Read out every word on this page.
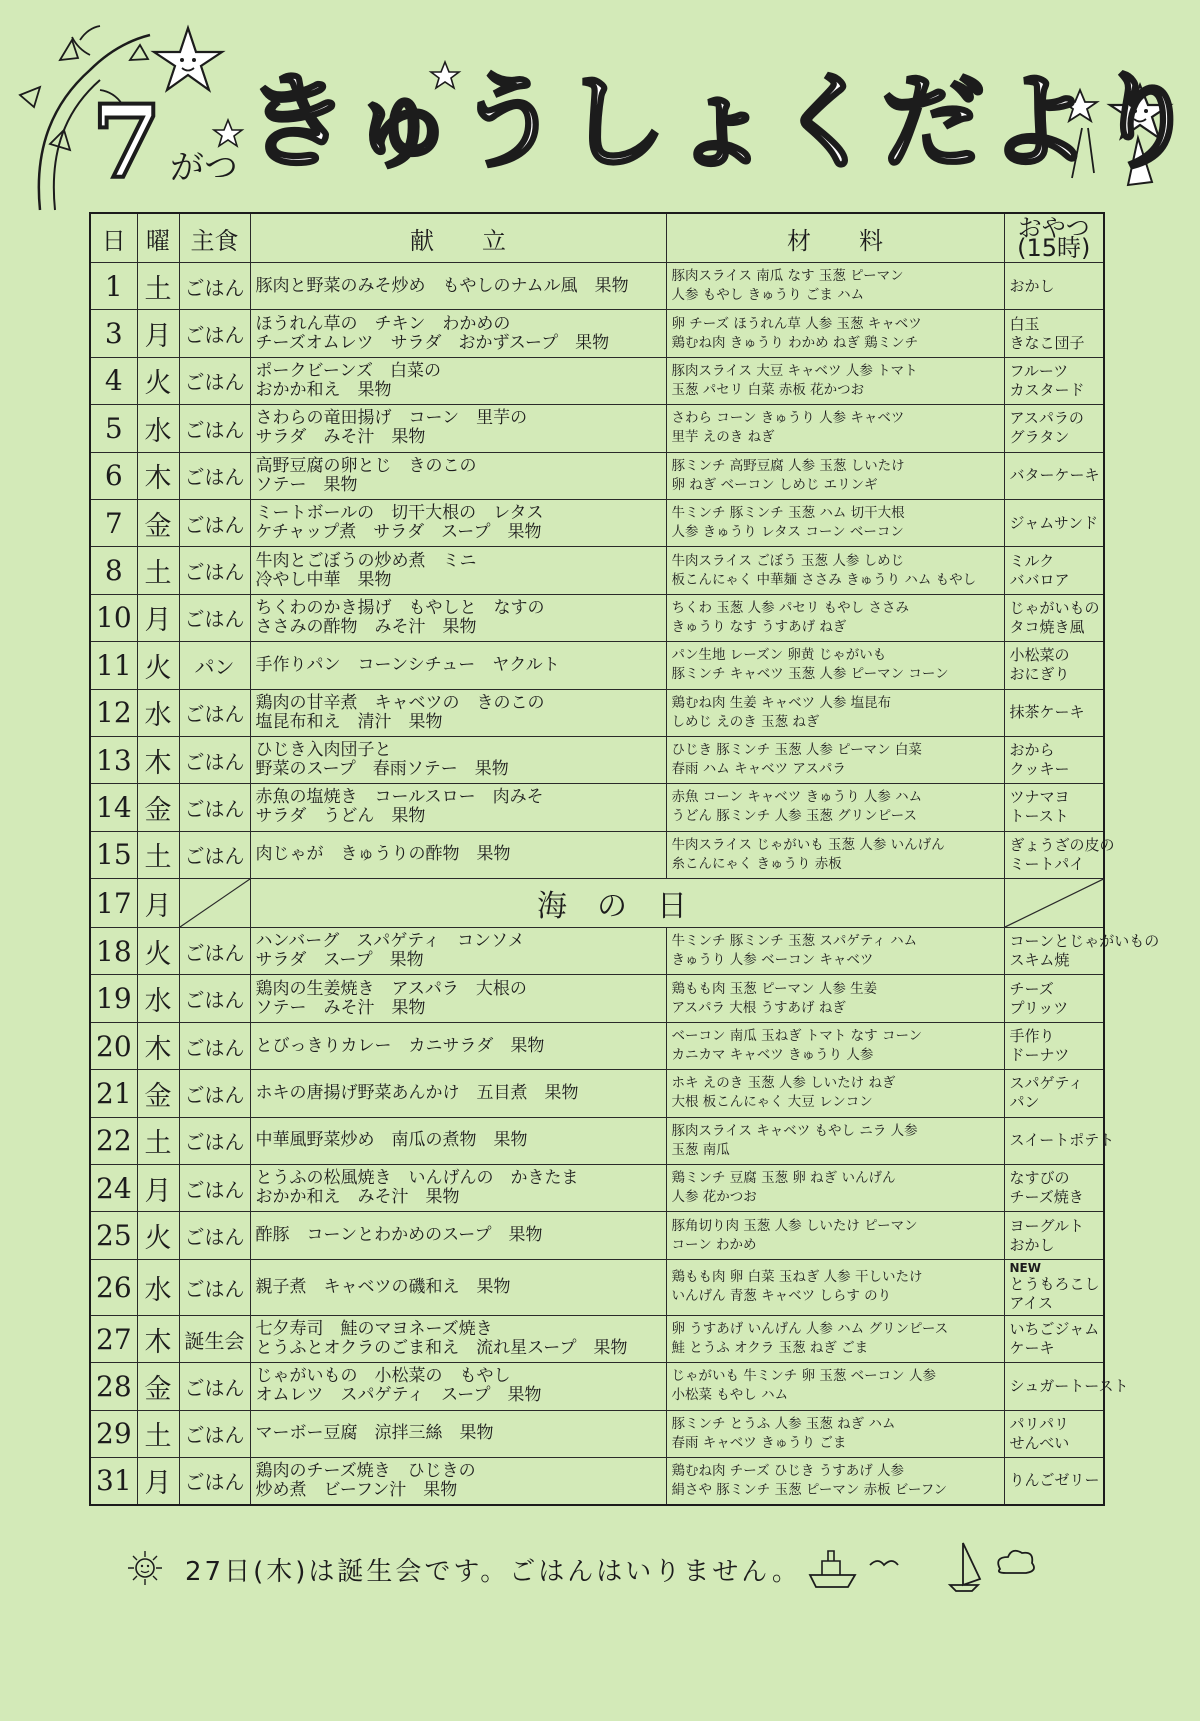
7 がつ きゅうしょくだより
日	曜	主食	献　　立	材　　料	おやつ
(15時)

1	土	ごはん	豚肉と野菜のみそ炒め　もやしのナムル風　果物	豚肉スライス 南瓜 なす 玉葱 ピーマン
人参 もやし きゅうり ごま ハム	おかし

3	月	ごはん	ほうれん草の　チキン　わかめの
チーズオムレツ　サラダ　おかずスープ　果物	卵 チーズ ほうれん草 人参 玉葱 キャベツ
鶏むね肉 きゅうり わかめ ねぎ 鶏ミンチ	白玉
きなこ団子

4	火	ごはん	ポークビーンズ　白菜の
おかか和え　果物	豚肉スライス 大豆 キャベツ 人参 トマト
玉葱 パセリ 白菜 赤板 花かつお	フルーツ
カスタード

5	水	ごはん	さわらの竜田揚げ　コーン　里芋の
サラダ　みそ汁　果物	さわら コーン きゅうり 人参 キャベツ
里芋 えのき ねぎ	アスパラの
グラタン

6	木	ごはん	高野豆腐の卵とじ　きのこの
ソテー　果物	豚ミンチ 高野豆腐 人参 玉葱 しいたけ
卵 ねぎ ベーコン しめじ エリンギ	バターケーキ

7	金	ごはん	ミートボールの　切干大根の　レタス
ケチャップ煮　サラダ　スープ　果物	牛ミンチ 豚ミンチ 玉葱 ハム 切干大根
人参 きゅうり レタス コーン ベーコン	ジャムサンド

8	土	ごはん	牛肉とごぼうの炒め煮　ミニ
冷やし中華　果物	牛肉スライス ごぼう 玉葱 人参 しめじ
板こんにゃく 中華麺 ささみ きゅうり ハム もやし	ミルク
ババロア

10	月	ごはん	ちくわのかき揚げ　もやしと　なすの
ささみの酢物　みそ汁　果物	ちくわ 玉葱 人参 パセリ もやし ささみ
きゅうり なす うすあげ ねぎ	じゃがいもの
タコ焼き風

11	火	パン	手作りパン　コーンシチュー　ヤクルト	パン生地 レーズン 卵黄 じゃがいも
豚ミンチ キャベツ 玉葱 人参 ピーマン コーン	小松菜の
おにぎり

12	水	ごはん	鶏肉の甘辛煮　キャベツの　きのこの
塩昆布和え　清汁　果物	鶏むね肉 生姜 キャベツ 人参 塩昆布
しめじ えのき 玉葱 ねぎ	抹茶ケーキ

13	木	ごはん	ひじき入肉団子と
野菜のスープ　春雨ソテー　果物	ひじき 豚ミンチ 玉葱 人参 ピーマン 白菜
春雨 ハム キャベツ アスパラ	おから
クッキー

14	金	ごはん	赤魚の塩焼き　コールスロー　肉みそ
サラダ　うどん　果物	赤魚 コーン キャベツ きゅうり 人参 ハム
うどん 豚ミンチ 人参 玉葱 グリンピース	ツナマヨ
トースト

15	土	ごはん	肉じゃが　きゅうりの酢物　果物	牛肉スライス じゃがいも 玉葱 人参 いんげん
糸こんにゃく きゅうり 赤板	ぎょうざの皮の
ミートパイ

17	月		海の日	

18	火	ごはん	ハンバーグ　スパゲティ　コンソメ
サラダ　スープ　果物	牛ミンチ 豚ミンチ 玉葱 スパゲティ ハム
きゅうり 人参 ベーコン キャベツ	コーンとじゃがいもの
スキム焼

19	水	ごはん	鶏肉の生姜焼き　アスパラ　大根の
ソテー　みそ汁　果物	鶏もも肉 玉葱 ピーマン 人参 生姜
アスパラ 大根 うすあげ ねぎ	チーズ
プリッツ

20	木	ごはん	とびっきりカレー　カニサラダ　果物	ベーコン 南瓜 玉ねぎ トマト なす コーン
カニカマ キャベツ きゅうり 人参	手作り
ドーナツ

21	金	ごはん	ホキの唐揚げ野菜あんかけ　五目煮　果物	ホキ えのき 玉葱 人参 しいたけ ねぎ
大根 板こんにゃく 大豆 レンコン	スパゲティ
パン

22	土	ごはん	中華風野菜炒め　南瓜の煮物　果物	豚肉スライス キャベツ もやし ニラ 人参
玉葱 南瓜	スイートポテト

24	月	ごはん	とうふの松風焼き　いんげんの　かきたま
おかか和え　みそ汁　果物	鶏ミンチ 豆腐 玉葱 卵 ねぎ いんげん
人参 花かつお	なすびの
チーズ焼き

25	火	ごはん	酢豚　コーンとわかめのスープ　果物	豚角切り肉 玉葱 人参 しいたけ ピーマン
コーン わかめ	ヨーグルト
おかし

26	水	ごはん	親子煮　キャベツの磯和え　果物	鶏もも肉 卵 白菜 玉ねぎ 人参 干しいたけ
いんげん 青葱 キャベツ しらす のり	NEW
とうもろこし
アイス

27	木	誕生会	七夕寿司　鮭のマヨネーズ焼き
とうふとオクラのごま和え　流れ星スープ　果物	卵 うすあげ いんげん 人参 ハム グリンピース
鮭 とうふ オクラ 玉葱 ねぎ ごま	いちごジャム
ケーキ

28	金	ごはん	じゃがいもの　小松菜の　もやし
オムレツ　スパゲティ　スープ　果物	じゃがいも 牛ミンチ 卵 玉葱 ベーコン 人参
小松菜 もやし ハム	シュガートースト

29	土	ごはん	マーボー豆腐　涼拌三絲　果物	豚ミンチ とうふ 人参 玉葱 ねぎ ハム
春雨 キャベツ きゅうり ごま	パリパリ
せんべい

31	月	ごはん	鶏肉のチーズ焼き　ひじきの
炒め煮　ビーフン汁　果物	鶏むね肉 チーズ ひじき うすあげ 人参
絹さや 豚ミンチ 玉葱 ピーマン 赤板 ビーフン	りんごゼリー
27日(木)は誕生会です。ごはんはいりません。
